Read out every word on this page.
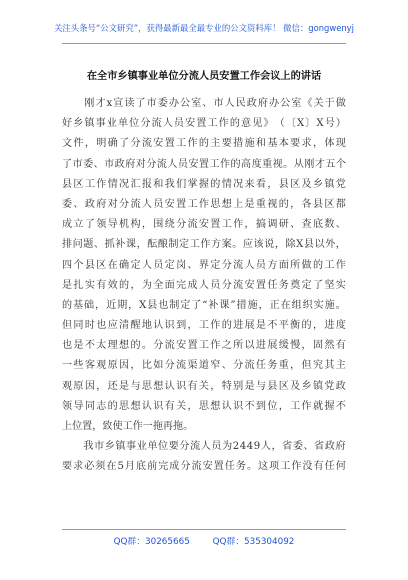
关注头条号“公文研究”，获得最新最全最专业的公文资料库！ 微信：gongwenyj
在全市乡镇事业单位分流人员安置工作会议上的讲话

刚 才 x 宣 读 了 市 委 办 公 室 、 市 人 民 政 府 办 公 室 《 关 于 做
好 乡 镇 事 业 单 位 分 流 人 员 安 置 工 作 的 意 见 》 （ 〔 X 〕 X 号 ）
文 件 ， 明 确 了 分 流 安 置 工 作 的 主 要 措 施 和 基 本 要 求 ， 体 现
了 市 委 、 市 政 府 对 分 流 人 员 安 置 工 作 的 高 度 重 视 。 从 刚 才 五 个
县 区 工 作 情 况 汇 报 和 我 们 掌 握 的 情 况 来 看 ， 县 区 及 乡 镇 党
委 、 政 府 对 分 流 人 员 安 置 工 作 思 想 上 是 重 视 的 ， 各 县 区 都
成 立 了 领 导 机 构 ， 围 绕 分 流 安 置 工 作 ， 搞 调 研 、 查 底 数 、
排 问 题 、 抓 补 课 ， 酝 酿 制 定 工 作 方 案 。 应 该 说 ， 除 X 县 以 外 ，
四 个 县 区 在 确 定 人 员 定 岗 、 界 定 分 流 人 员 方 面 所 做 的 工 作
是 扎 实 有 效 的 ， 为 全 面 完 成 人 员 分 流 安 置 任 务 奠 定 了 坚 实
的 基 础 ， 近 期 ， X 县 也 制 定 了 “ 补 课 ” 措 施 ， 正 在 组 织 实 施 。
但 同 时 也 应 清 醒 地 认 识 到 ， 工 作 的 进 展 是 不 平 衡 的 ， 进 度
也 是 不 太 理 想 的 。 分 流 安 置 工 作 之 所 以 进 展 缓 慢 ， 固 然 有
一 些 客 观 原 因 ， 比 如 分 流 渠 道 窄 、 分 流 任 务 重 ， 但 究 其 主
观 原 因 ， 还 是 与 思 想 认 识 有 关 ， 特 别 是 与 县 区 及 乡 镇 党 政
领 导 同 志 的 思 想 认 识 有 关 ， 思 想 认 识 不 到 位 ， 工 作 就 握 不
上位置，致使工作一拖再拖。

我 市 乡 镇 事 业 单 位 要 分 流 人 员 为 2 4 4 9 人 ， 省 委 、 省 政 府
要 求 必 须 在 5 月 底 前 完 成 分 流 安 置 任 务 。 这 项 工 作 没 有 任 何
QQ群：30265665	QQ群：535304092
